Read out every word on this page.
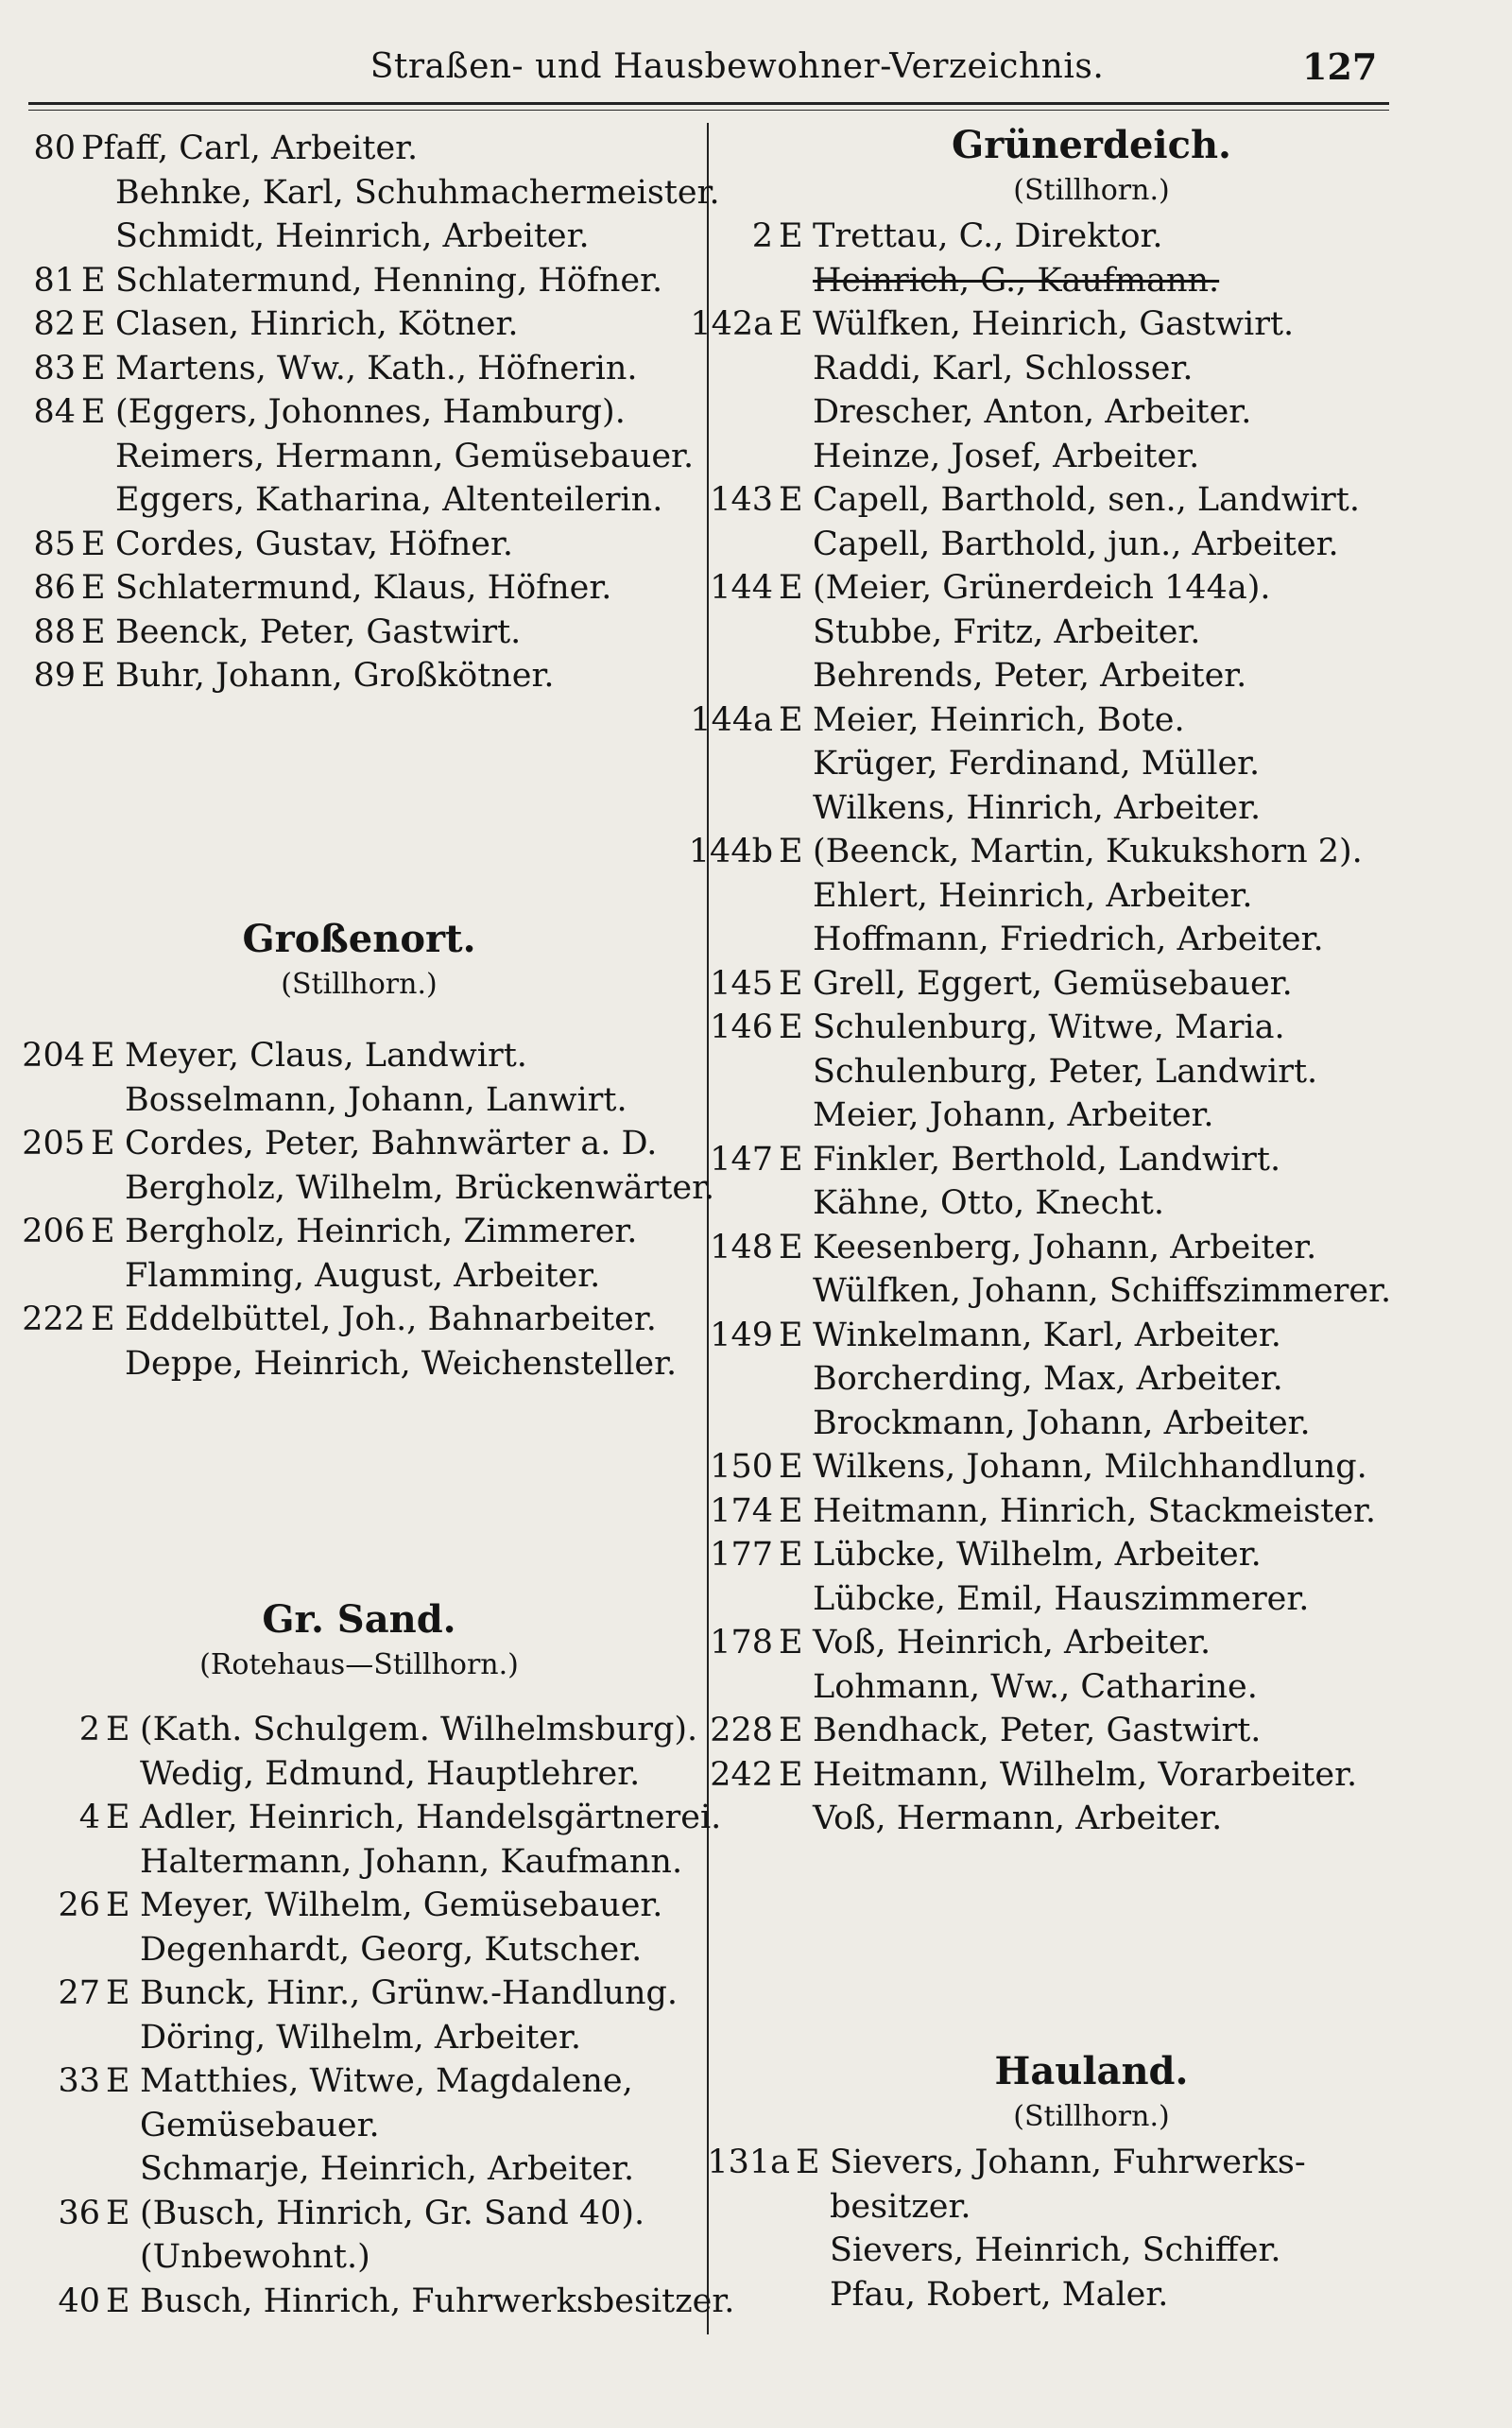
Straßen- und Hausbewohner-Verzeichnis.	127
80 Pfaff, Carl, Arbeiter.
Behnke, Karl, Schuhmachermeister.
Schmidt, Heinrich, Arbeiter.
81 E Schlatermund, Henning, Höfner.
82 E Clasen, Hinrich, Kötner.
83 E Martens, Ww., Kath., Höfnerin.
84 E (Eggers, Johonnes, Hamburg).
Reimers, Hermann, Gemüsebauer.
Eggers, Katharina, Altenteilerin.
85 E Cordes, Gustav, Höfner.
86 E Schlatermund, Klaus, Höfner.
88 E Beenck, Peter, Gastwirt.
89 E Buhr, Johann, Großkötner.
Großenort.
(Stillhorn.)
204 E Meyer, Claus, Landwirt.
Bosselmann, Johann, Lanwirt.
205 E Cordes, Peter, Bahnwärter a. D.
Bergholz, Wilhelm, Brückenwärter.
206 E Bergholz, Heinrich, Zimmerer.
Flamming, August, Arbeiter.
222 E Eddelbüttel, Joh., Bahnarbeiter.
Deppe, Heinrich, Weichensteller.
Gr. Sand.
(Rotehaus—Stillhorn.)
2 E (Kath. Schulgem. Wilhelmsburg).
Wedig, Edmund, Hauptlehrer.
4 E Adler, Heinrich, Handelsgärtnerei.
Haltermann, Johann, Kaufmann.
26 E Meyer, Wilhelm, Gemüsebauer.
Degenhardt, Georg, Kutscher.
27 E Bunck, Hinr., Grünw.-Handlung.
Döring, Wilhelm, Arbeiter.
33 E Matthies, Witwe, Magdalene,
Gemüsebauer.
Schmarje, Heinrich, Arbeiter.
36 E (Busch, Hinrich, Gr. Sand 40).
(Unbewohnt.)
40 E Busch, Hinrich, Fuhrwerksbesitzer.
Grünerdeich.
(Stillhorn.)
2 E Trettau, C., Direktor.
Heinrich, G., Kaufmann.
142a E Wülfken, Heinrich, Gastwirt.
Raddi, Karl, Schlosser.
Drescher, Anton, Arbeiter.
Heinze, Josef, Arbeiter.
143 E Capell, Barthold, sen., Landwirt.
Capell, Barthold, jun., Arbeiter.
144 E (Meier, Grünerdeich 144a).
Stubbe, Fritz, Arbeiter.
Behrends, Peter, Arbeiter.
144a E Meier, Heinrich, Bote.
Krüger, Ferdinand, Müller.
Wilkens, Hinrich, Arbeiter.
144b E (Beenck, Martin, Kukukshorn 2).
Ehlert, Heinrich, Arbeiter.
Hoffmann, Friedrich, Arbeiter.
145 E Grell, Eggert, Gemüsebauer.
146 E Schulenburg, Witwe, Maria.
Schulenburg, Peter, Landwirt.
Meier, Johann, Arbeiter.
147 E Finkler, Berthold, Landwirt.
Kähne, Otto, Knecht.
148 E Keesenberg, Johann, Arbeiter.
Wülfken, Johann, Schiffszimmerer.
149 E Winkelmann, Karl, Arbeiter.
Borcherding, Max, Arbeiter.
Brockmann, Johann, Arbeiter.
150 E Wilkens, Johann, Milchhandlung.
174 E Heitmann, Hinrich, Stackmeister.
177 E Lübcke, Wilhelm, Arbeiter.
Lübcke, Emil, Hauszimmerer.
178 E Voß, Heinrich, Arbeiter.
Lohmann, Ww., Catharine.
228 E Bendhack, Peter, Gastwirt.
242 E Heitmann, Wilhelm, Vorarbeiter.
Voß, Hermann, Arbeiter.
Hauland.
(Stillhorn.)
131a E Sievers, Johann, Fuhrwerks-
besitzer.
Sievers, Heinrich, Schiffer.
Pfau, Robert, Maler.
